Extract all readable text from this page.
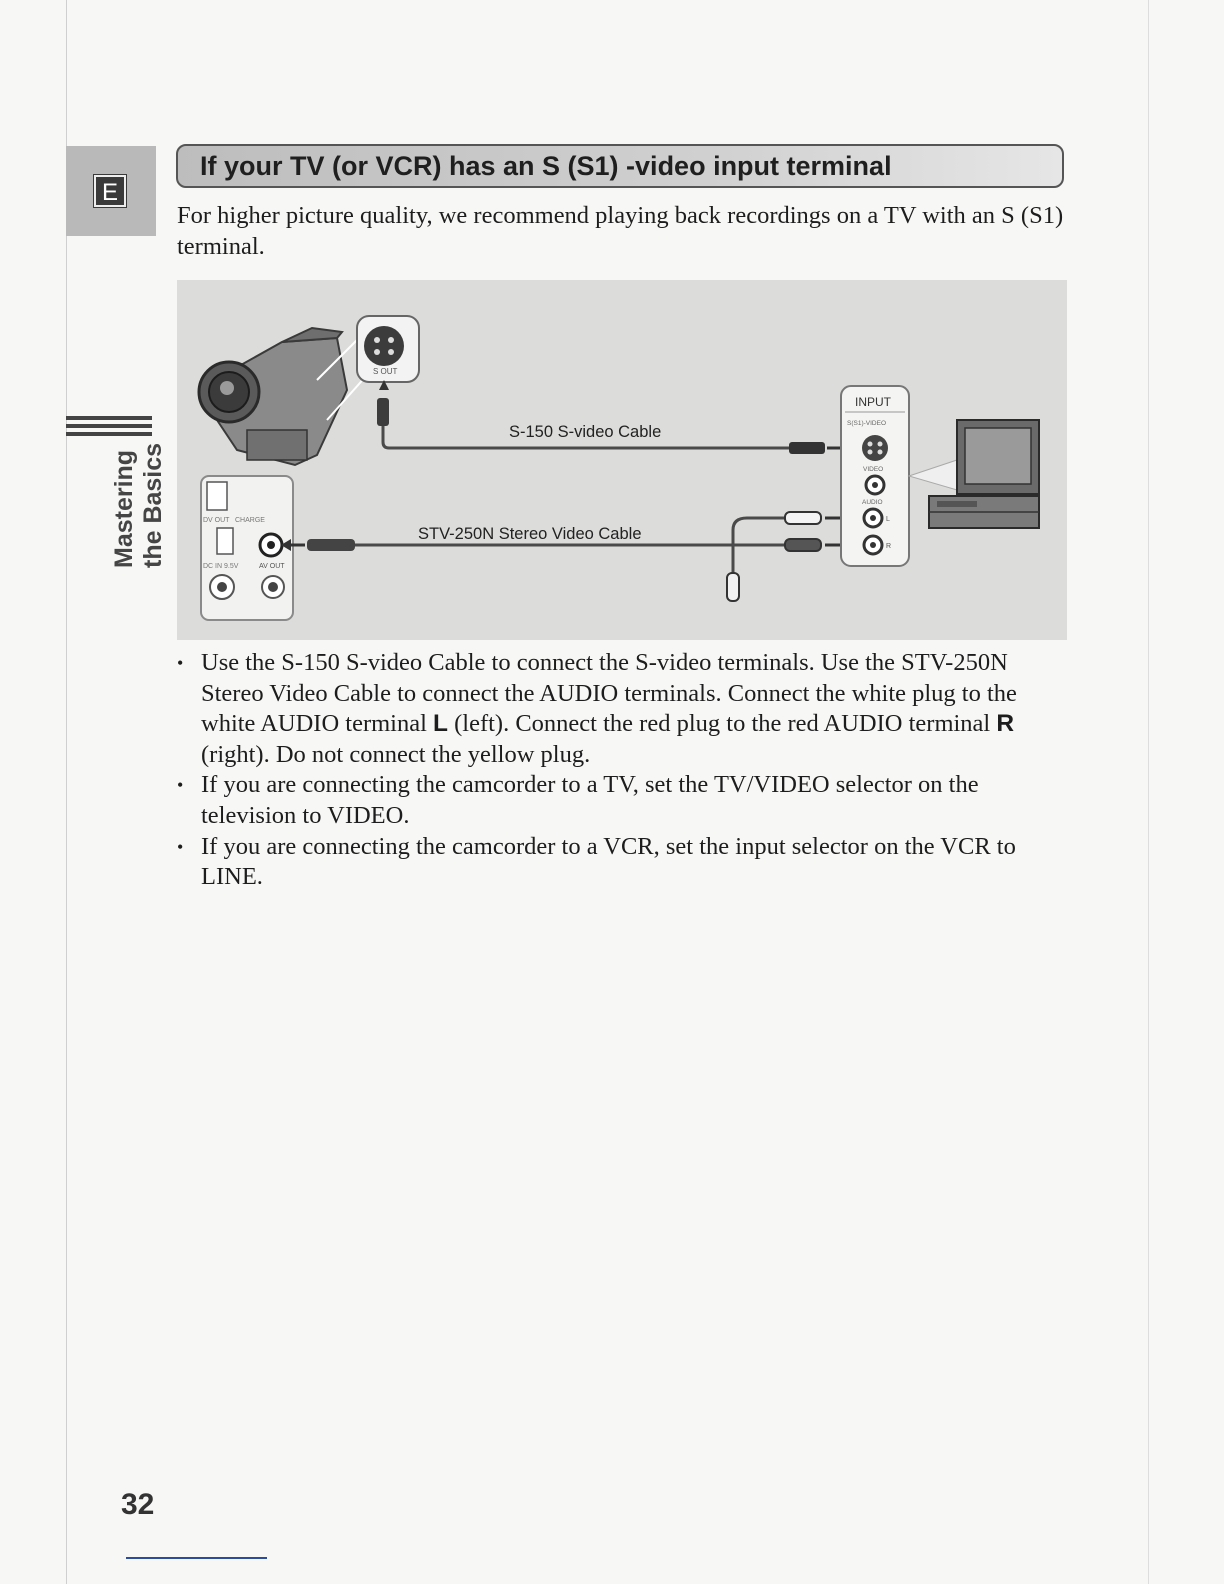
E
Mastering the Basics
If your TV (or VCR) has an S (S1) -video input terminal

For higher picture quality, we recommend playing back recordings on a TV with an S (S1) terminal.

DV OUT CHARGE
DC IN 9.5V	AV OUT
S OUT
S-150 S-video Cable
STV-250N Stereo Video Cable
INPUT
S(S1)-VIDEO
VIDEO
AUDIO
L
R
• Use the S-150 S-video Cable to connect the S-video terminals. Use the STV-250N Stereo Video Cable to connect the AUDIO terminals. Connect the white plug to the white AUDIO terminal L (left). Connect the red plug to the red AUDIO terminal R (right). Do not connect the yellow plug.
• If you are connecting the camcorder to a TV, set the TV/VIDEO selector on the television to VIDEO.
• If you are connecting the camcorder to a VCR, set the input selector on the VCR to LINE.
32
